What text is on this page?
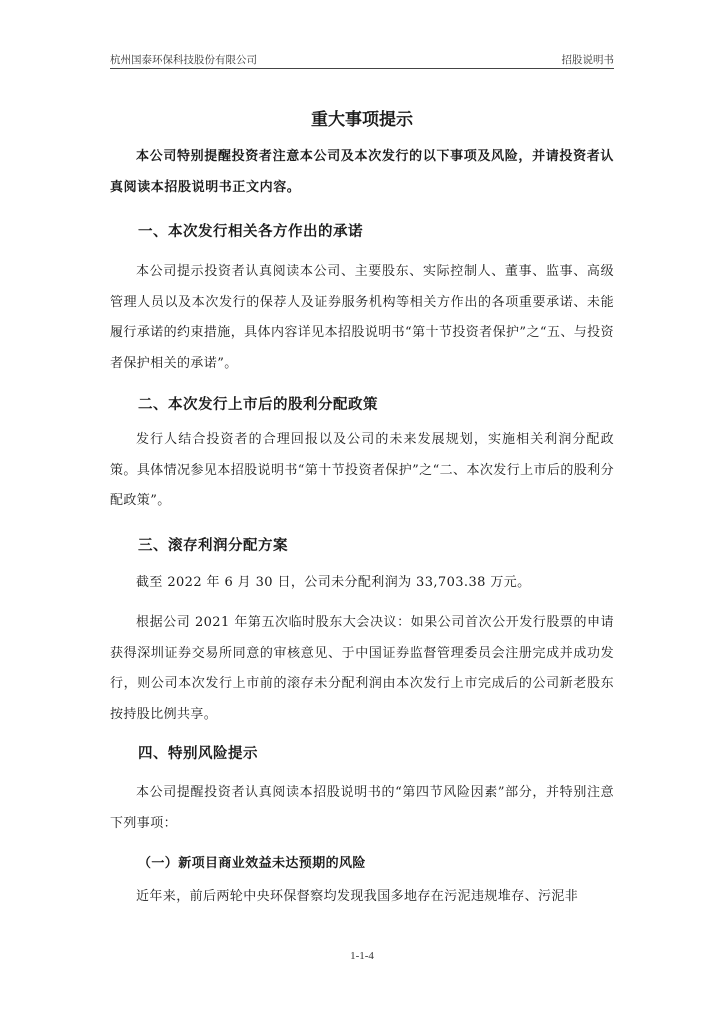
杭州国泰环保科技股份有限公司	招股说明书
重大事项提示
本公司特别提醒投资者注意本公司及本次发行的以下事项及风险，并请投资者认真阅读本招股说明书正文内容。
一、本次发行相关各方作出的承诺
本公司提示投资者认真阅读本公司、主要股东、实际控制人、董事、监事、高级管理人员以及本次发行的保荐人及证券服务机构等相关方作出的各项重要承诺、未能履行承诺的约束措施，具体内容详见本招股说明书“第十节投资者保护”之“五、与投资者保护相关的承诺”。
二、本次发行上市后的股利分配政策
发行人结合投资者的合理回报以及公司的未来发展规划，实施相关利润分配政策。具体情况参见本招股说明书“第十节投资者保护”之“二、本次发行上市后的股利分配政策”。
三、滚存利润分配方案
截至 2022 年 6 月 30 日，公司未分配利润为 33,703.38 万元。
根据公司 2021 年第五次临时股东大会决议：如果公司首次公开发行股票的申请获得深圳证券交易所同意的审核意见、于中国证券监督管理委员会注册完成并成功发行，则公司本次发行上市前的滚存未分配利润由本次发行上市完成后的公司新老股东按持股比例共享。
四、特别风险提示
本公司提醒投资者认真阅读本招股说明书的“第四节风险因素”部分，并特别注意下列事项：
（一）新项目商业效益未达预期的风险
近年来，前后两轮中央环保督察均发现我国多地存在污泥违规堆存、污泥非
1-1-4
